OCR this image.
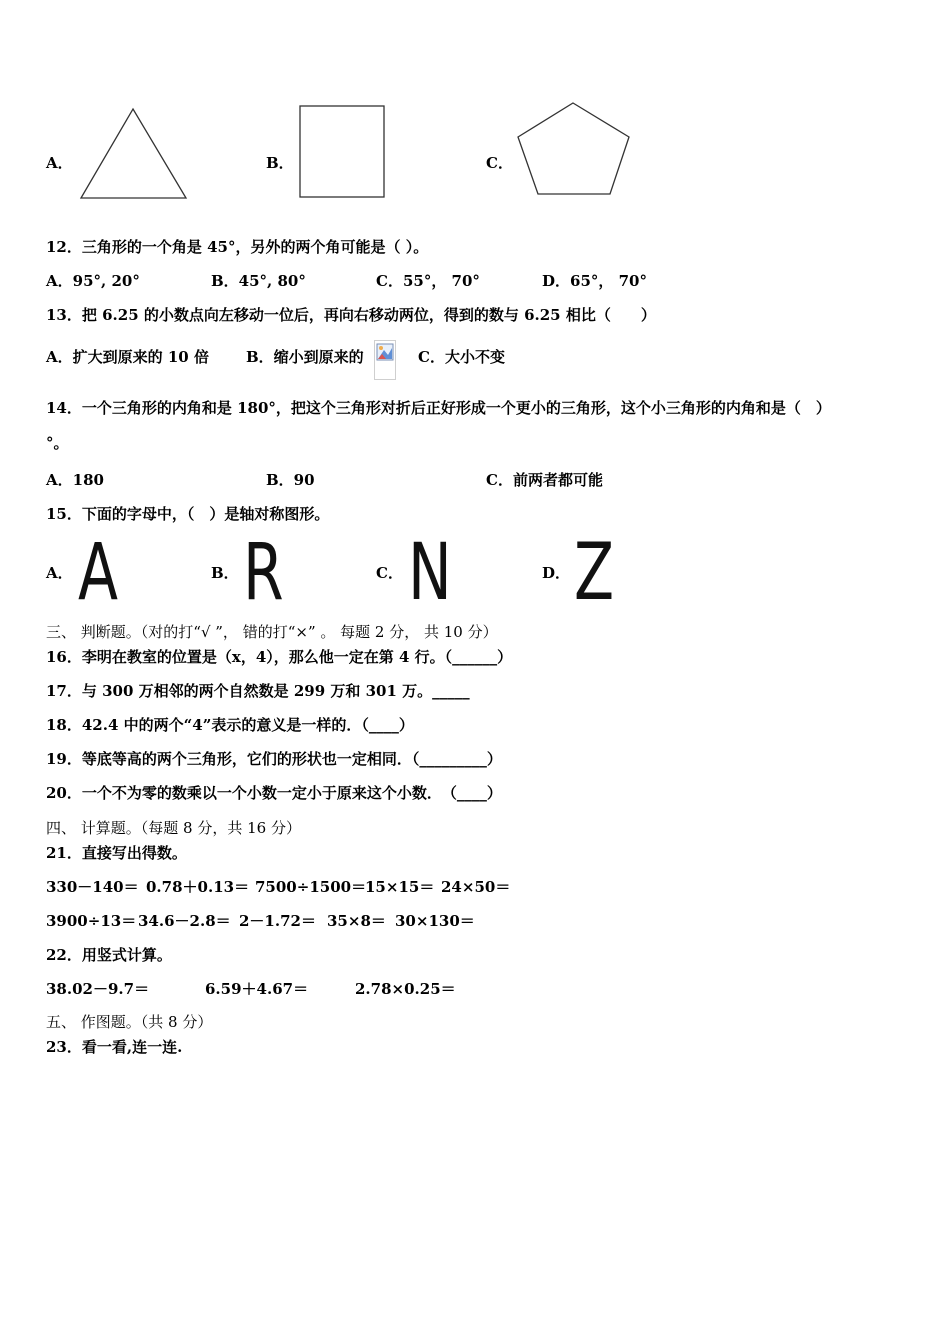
A．	B．	C．
12．三角形的一个角是 45°，另外的两个角可能是（ ）。
A．95°, 20°	B．45°, 80°	C．55°， 70°	D．65°， 70°
13．把 6.25 的小数点向左移动一位后，再向右移动两位，得到的数与 6.25 相比（　　）
A．扩大到原来的 10 倍 B．缩小到原来的	C．大小不变
14．一个三角形的内角和是 180°，把这个三角形对折后正好形成一个更小的三角形，这个小三角形的内角和是（　）
°。
A．180	B．90	C．前两者都可能
15．下面的字母中，（　）是轴对称图形。
A． A	B． R	C． N	D． Z
三、 判断题。（对的打“√ ”， 错的打“×” 。 每题 2 分， 共 10 分）
16．李明在教室的位置是（x，4），那么他一定在第 4 行。（______）
17．与 300 万相邻的两个自然数是 299 万和 301 万。_____
18．42.4 中的两个“4”表示的意义是一样的．（____）
19．等底等高的两个三角形，它们的形状也一定相同．（_________）
20．一个不为零的数乘以一个小数一定小于原来这个小数．　（____）
四、 计算题。（每题 8 分，共 16 分）
21．直接写出得数。
330－140＝ 0.78＋0.13＝ 7500÷1500＝
15×15＝ 24×50＝
3900÷13＝ 34.6－2.8＝ 2－1.72＝ 35×8＝ 30×130＝
22．用竖式计算。
38.02－9.7＝	6.59＋4.67＝	2.78×0.25＝
五、 作图题。（共 8 分）
23．看一看,连一连.
